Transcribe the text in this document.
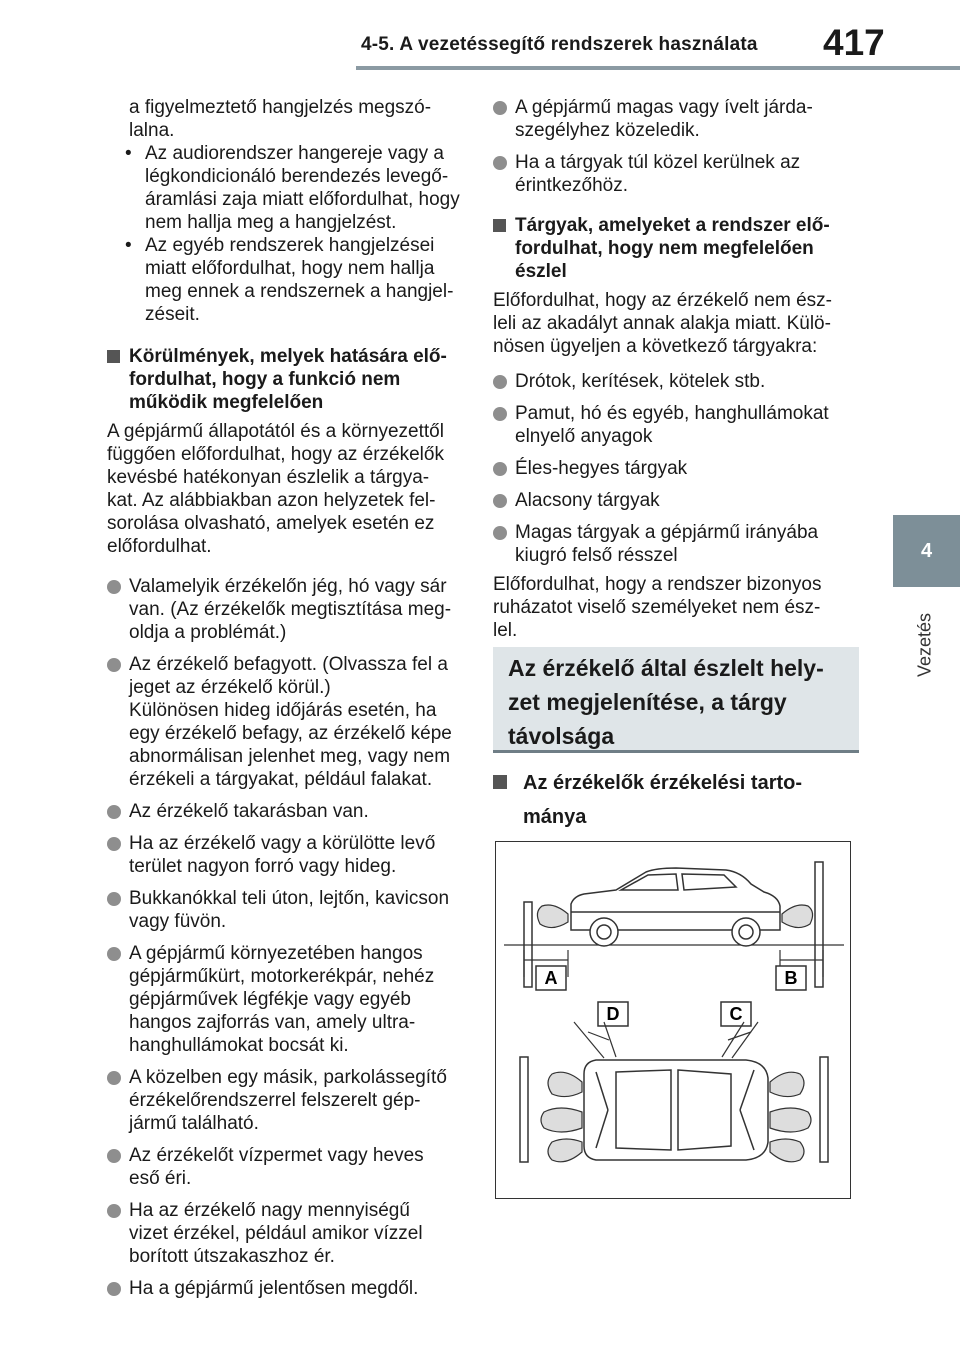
4-5. A vezetéssegítő rendszerek használata 417
4
Vezetés

a figyelmeztető hangjelzés megszó-
lalna.

• Az audiorendszer hangereje vagy a
légkondicionáló berendezés levegő-
áramlási zaja miatt előfordulhat, hogy
nem hallja meg a hangjelzést.

• Az egyéb rendszerek hangjelzései
miatt előfordulhat, hogy nem hallja
meg ennek a rendszernek a hangjel-
zéseit.

Körülmények, melyek hatására elő-
fordulhat, hogy a funkció nem
működik megfelelően

A gépjármű állapotától és a környezettől
függően előfordulhat, hogy az érzékelők
kevésbé hatékonyan észlelik a tárgya-
kat. Az alábbiakban azon helyzetek fel-
sorolása olvasható, amelyek esetén ez
előfordulhat.

Valamelyik érzékelőn jég, hó vagy sár
van. (Az érzékelők megtisztítása meg-
oldja a problémát.)
Az érzékelő befagyott. (Olvassza fel a
jeget az érzékelő körül.)
Különösen hideg időjárás esetén, ha
egy érzékelő befagy, az érzékelő képe
abnormálisan jelenhet meg, vagy nem
érzékeli a tárgyakat, például falakat.
Az érzékelő takarásban van.
Ha az érzékelő vagy a körülötte levő
terület nagyon forró vagy hideg.
Bukkanókkal teli úton, lejtőn, kavicson
vagy füvön.
A gépjármű környezetében hangos
gépjárműkürt, motorkerékpár, nehéz
gépjárművek légfékje vagy egyéb
hangos zajforrás van, amely ultra-
hanghullámokat bocsát ki.
A közelben egy másik, parkolássegítő
érzékelőrendszerrel felszerelt gép-
jármű található.
Az érzékelőt vízpermet vagy heves
eső éri.
Ha az érzékelő nagy mennyiségű
vizet érzékel, például amikor vízzel
borított útszakaszhoz ér.
Ha a gépjármű jelentősen megdől.
A gépjármű magas vagy ívelt járda-
szegélyhez közeledik.
Ha a tárgyak túl közel kerülnek az
érintkezőhöz.
Tárgyak, amelyeket a rendszer elő-
fordulhat, hogy nem megfelelően
észlel

Előfordulhat, hogy az érzékelő nem ész-
leli az akadályt annak alakja miatt. Külö-
nösen ügyeljen a következő tárgyakra:

Drótok, kerítések, kötelek stb.
Pamut, hó és egyéb, hanghullámokat
elnyelő anyagok
Éles-hegyes tárgyak
Alacsony tárgyak
Magas tárgyak a gépjármű irányába
kiugró felső résszel

Előfordulhat, hogy a rendszer bizonyos
ruházatot viselő személyeket nem ész-
lel.

Az érzékelő által észlelt hely-
zet megjelenítése, a tárgy
távolsága
Az érzékelők érzékelési tarto-
mánya
A	B
D	C
